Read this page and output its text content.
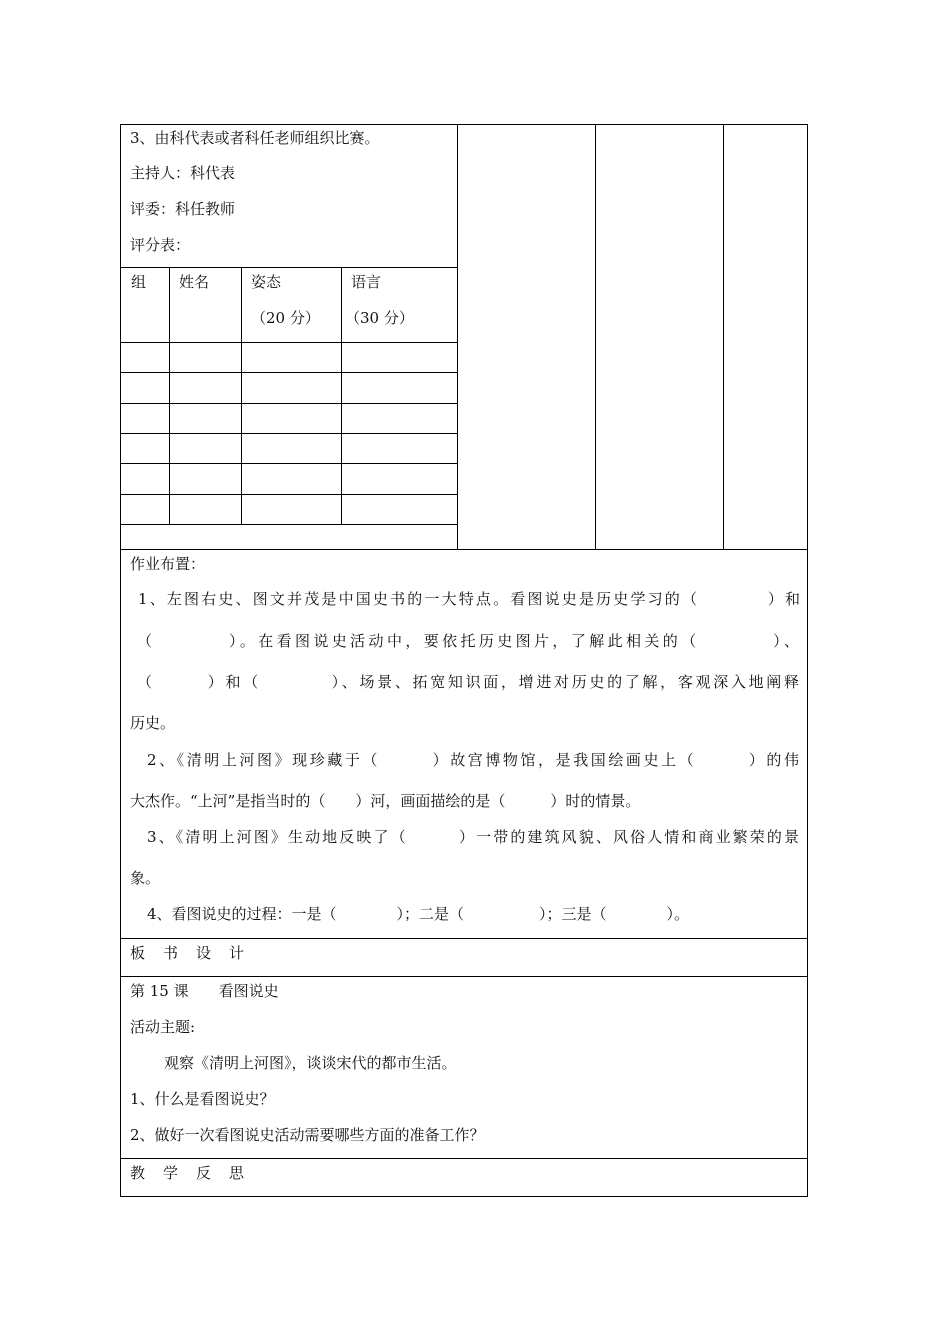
3、由科代表或者科任老师组织比赛。
主持人：科代表
评委：科任教师
评分表：
组 姓名	姿态	语言
（20 分） （30 分）
作业布置：
1、左图右史、图文并茂是中国史书的一大特点。看图说史是历史学习的（　　　　）和
（　　　　）。在看图说史活动中，要依托历史图片，了解此相关的（　　　　）、
（　　　）和（　　　　）、场景、拓宽知识面，增进对历史的了解，客观深入地阐释
历史。
2、《清明上河图》现珍藏于（　　　）故宫博物馆，是我国绘画史上（　　　）的伟
大杰作。“上河”是指当时的（　　）河，画面描绘的是（　　　）时的情景。
3、《清明上河图》生动地反映了（　　　）一带的建筑风貌、风俗人情和商业繁荣的景
象。
4、看图说史的过程：一是（　　　　）；二是（　　　　　）；三是（　　　　）。
板书设计
第 15 课　　看图说史
活动主题:
观察《清明上河图》，谈谈宋代的都市生活。
1、什么是看图说史？
2、做好一次看图说史活动需要哪些方面的准备工作？
教学反思
